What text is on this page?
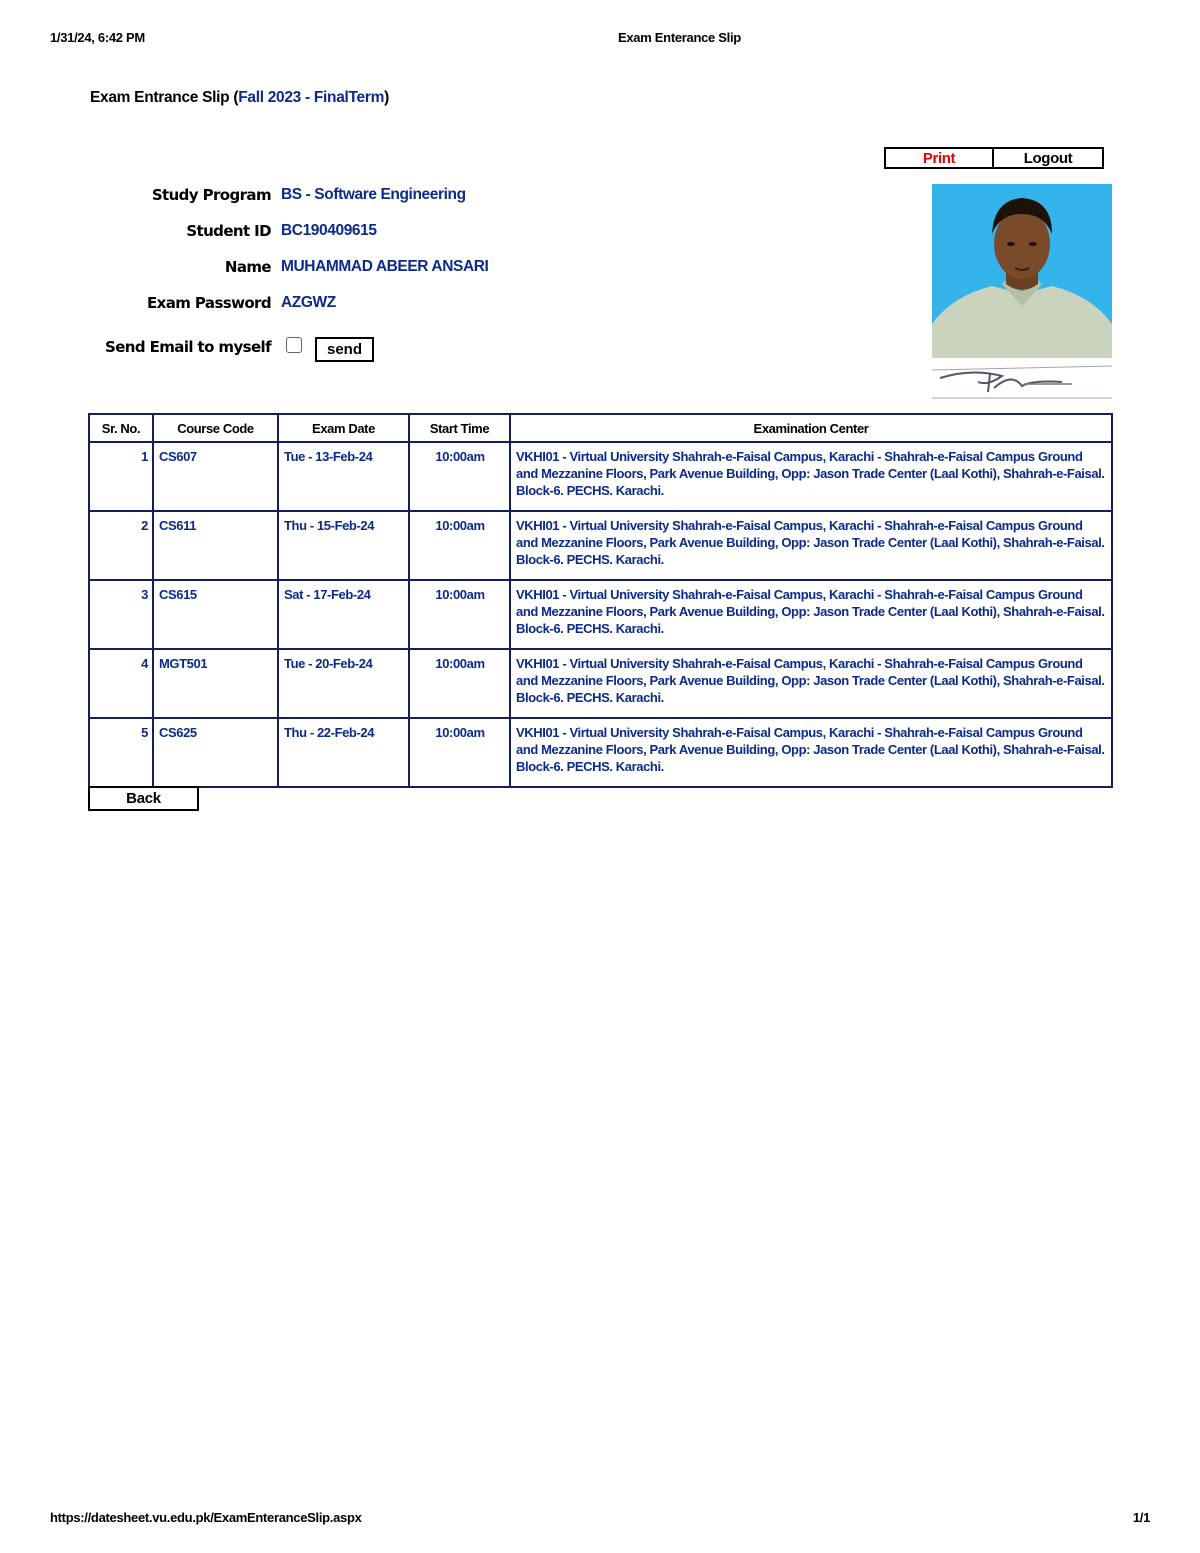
1/31/24, 6:42 PM	Exam Enterance Slip
Exam Entrance Slip (Fall 2023 - FinalTerm)
Print	Logout
Study Program BS - Software Engineering
Student ID BC190409615
Name MUHAMMAD ABEER ANSARI
Exam Password AZGWZ
Send Email to myself	send
Sr. No.	Course Code	Exam Date	Start Time	Examination Center
1	CS607	Tue - 13-Feb-24	10:00am	VKHI01 - Virtual University Shahrah-e-Faisal Campus, Karachi - Shahrah-e-Faisal Campus Ground and Mezzanine Floors, Park Avenue Building, Opp: Jason Trade Center (Laal Kothi), Shahrah-e-Faisal. Block-6. PECHS. Karachi.
2	CS611	Thu - 15-Feb-24	10:00am	VKHI01 - Virtual University Shahrah-e-Faisal Campus, Karachi - Shahrah-e-Faisal Campus Ground and Mezzanine Floors, Park Avenue Building, Opp: Jason Trade Center (Laal Kothi), Shahrah-e-Faisal. Block-6. PECHS. Karachi.
3	CS615	Sat - 17-Feb-24	10:00am	VKHI01 - Virtual University Shahrah-e-Faisal Campus, Karachi - Shahrah-e-Faisal Campus Ground and Mezzanine Floors, Park Avenue Building, Opp: Jason Trade Center (Laal Kothi), Shahrah-e-Faisal. Block-6. PECHS. Karachi.
4	MGT501	Tue - 20-Feb-24	10:00am	VKHI01 - Virtual University Shahrah-e-Faisal Campus, Karachi - Shahrah-e-Faisal Campus Ground and Mezzanine Floors, Park Avenue Building, Opp: Jason Trade Center (Laal Kothi), Shahrah-e-Faisal. Block-6. PECHS. Karachi.
5	CS625	Thu - 22-Feb-24	10:00am	VKHI01 - Virtual University Shahrah-e-Faisal Campus, Karachi - Shahrah-e-Faisal Campus Ground and Mezzanine Floors, Park Avenue Building, Opp: Jason Trade Center (Laal Kothi), Shahrah-e-Faisal. Block-6. PECHS. Karachi.
Back
https://datesheet.vu.edu.pk/ExamEnteranceSlip.aspx	1/1
